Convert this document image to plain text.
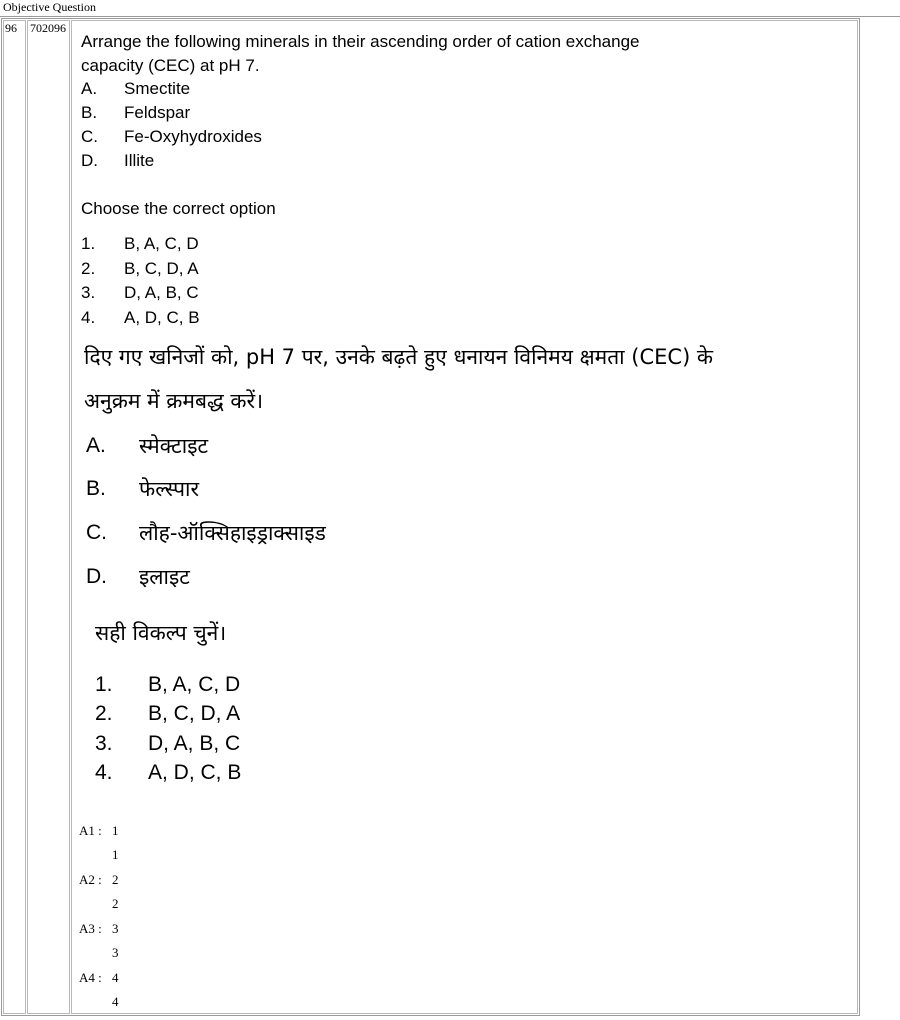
Objective Question
96 702096
Arrange the following minerals in their ascending order of cation exchange
capacity (CEC) at pH 7.
A. Smectite
B. Feldspar
C. Fe-Oxyhydroxides
D. Illite
Choose the correct option
1. B, A, C, D
2. B, C, D, A
3. D, A, B, C
4. A, D, C, B
दिए गए खनिजों को, pH 7 पर, उनके बढ़ते हुए धनायन विनिमय क्षमता (CEC) के
अनुक्रम में क्रमबद्ध करें।
A. स्मेक्टाइट
B. फेल्स्पार
C. लौह-ऑक्सिहाइड्राक्साइड
D. इलाइट
सही विकल्प चुनें।
1. B, A, C, D
2. B, C, D, A
3. D, A, B, C
4. A, D, C, B
A1 : 1
1
A2 : 2
2
A3 : 3
3
A4 : 4
4
